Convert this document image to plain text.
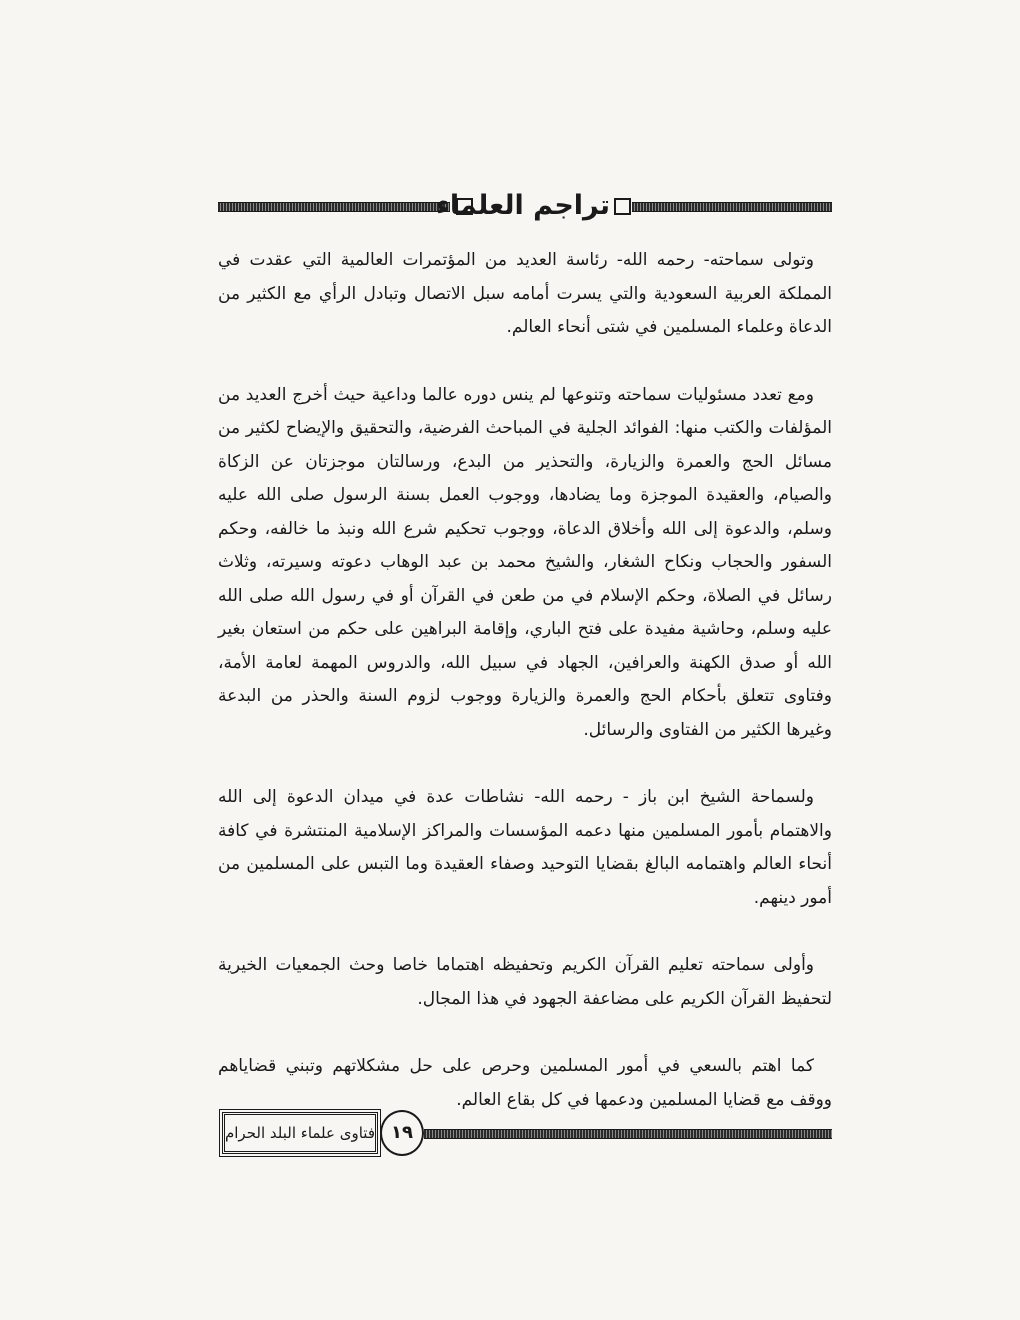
تراجم العلماء

وتولى سماحته- رحمه الله- رئاسة العديد من المؤتمرات العالمية التي عقدت في المملكة العربية السعودية والتي يسرت أمامه سبل الاتصال وتبادل الرأي مع الكثير من الدعاة وعلماء المسلمين في شتى أنحاء العالم.

ومع تعدد مسئوليات سماحته وتنوعها لم ينس دوره عالما وداعية حيث أخرج العديد من المؤلفات والكتب منها: الفوائد الجلية في المباحث الفرضية، والتحقيق والإيضاح لكثير من مسائل الحج والعمرة والزيارة، والتحذير من البدع، ورسالتان موجزتان عن الزكاة والصيام، والعقيدة الموجزة وما يضادها، ووجوب العمل بسنة الرسول صلى الله عليه وسلم، والدعوة إلى الله وأخلاق الدعاة، ووجوب تحكيم شرع الله ونبذ ما خالفه، وحكم السفور والحجاب ونكاح الشغار، والشيخ محمد بن عبد الوهاب دعوته وسيرته، وثلاث رسائل في الصلاة، وحكم الإسلام في من طعن في القرآن أو في رسول الله صلى الله عليه وسلم، وحاشية مفيدة على فتح الباري، وإقامة البراهين على حكم من استعان بغير الله أو صدق الكهنة والعرافين، الجهاد في سبيل الله، والدروس المهمة لعامة الأمة، وفتاوى تتعلق بأحكام الحج والعمرة والزيارة ووجوب لزوم السنة والحذر من البدعة وغيرها الكثير من الفتاوى والرسائل.

ولسماحة الشيخ ابن باز - رحمه الله- نشاطات عدة في ميدان الدعوة إلى الله والاهتمام بأمور المسلمين منها دعمه المؤسسات والمراكز الإسلامية المنتشرة في كافة أنحاء العالم واهتمامه البالغ بقضايا التوحيد وصفاء العقيدة وما التبس على المسلمين من أمور دينهم.

وأولى سماحته تعليم القرآن الكريم وتحفيظه اهتماما خاصا وحث الجمعيات الخيرية لتحفيظ القرآن الكريم على مضاعفة الجهود في هذا المجال.

كما اهتم بالسعي في أمور المسلمين وحرص على حل مشكلاتهم وتبني قضاياهم ووقف مع قضايا المسلمين ودعمها في كل بقاع العالم.

فتاوى علماء البلد الحرام ١٩
